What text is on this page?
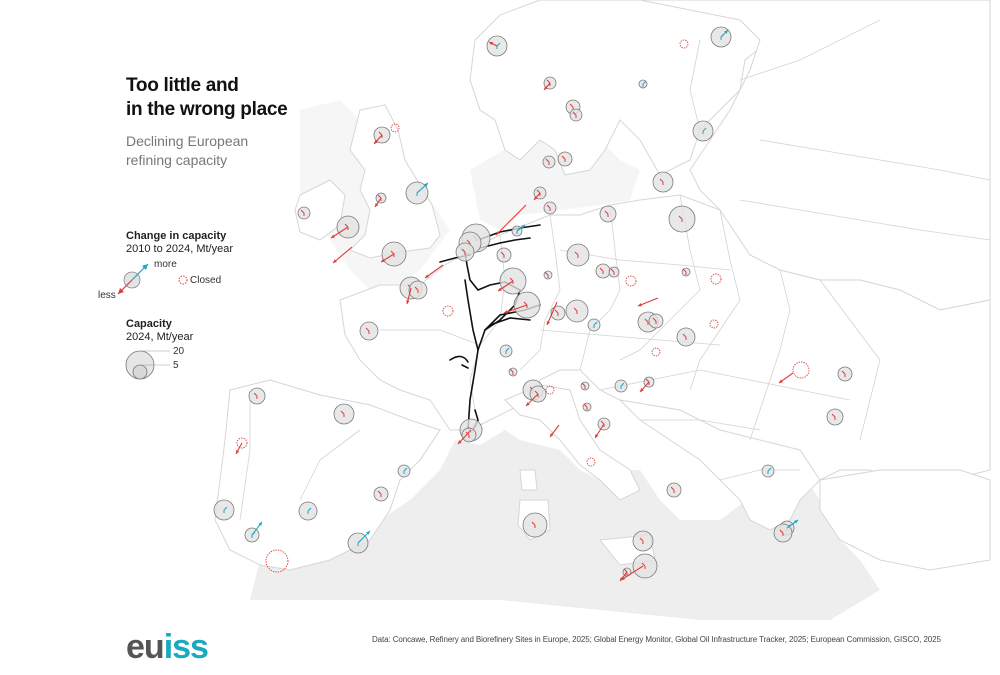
Too little and
in the wrong place
Declining European
refining capacity
Change in capacity
2010 to 2024, Mt/year
more
less
Closed
Capacity
2024, Mt/year
20
5
euiss	Data: Concawe, Refinery and Biorefinery Sites in Europe, 2025; Global Energy Monitor, Global Oil Infrastructure Tracker, 2025; European Commission, GISCO, 2025
